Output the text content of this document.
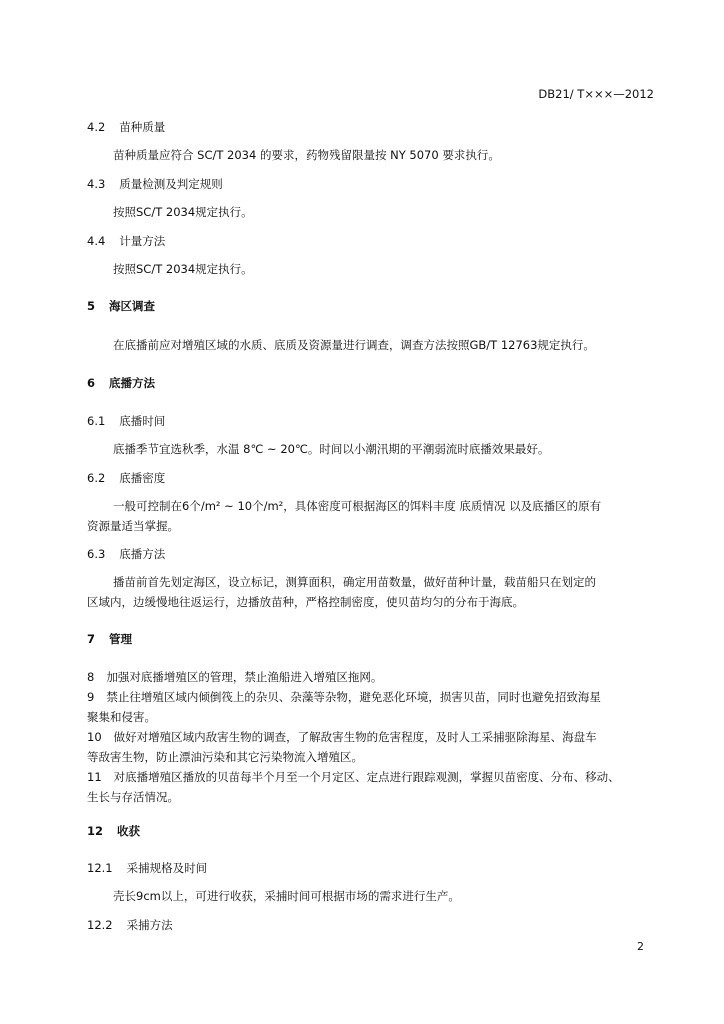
DB21/ T×××—2012
4.2 苗种质量
苗种质量应符合 SC/T 2034 的要求，药物残留限量按 NY 5070 要求执行。
4.3 质量检测及判定规则
按照SC/T 2034规定执行。
4.4 计量方法
按照SC/T 2034规定执行。
5 海区调查
在底播前应对增殖区域的水质、底质及资源量进行调查，调查方法按照GB/T 12763规定执行。
6 底播方法
6.1 底播时间
底播季节宜选秋季，水温 8℃ ~ 20℃。时间以小潮汛期的平潮弱流时底播效果最好。
6.2 底播密度
一般可控制在6个/m² ~ 10个/m²，具体密度可根据海区的饵料丰度 底质情况 以及底播区的原有
资源量适当掌握。
6.3 底播方法
播苗前首先划定海区，设立标记，测算面积，确定用苗数量，做好苗种计量，载苗船只在划定的
区域内，边缓慢地往返运行，边播放苗种，严格控制密度，使贝苗均匀的分布于海底。
7 管理
8 加强对底播增殖区的管理，禁止渔船进入增殖区拖网。
9 禁止往增殖区域内倾倒筏上的杂贝、杂藻等杂物，避免恶化环境，损害贝苗，同时也避免招致海星
聚集和侵害。
10 做好对增殖区域内敌害生物的调查，了解敌害生物的危害程度，及时人工采捕驱除海星、海盘车
等敌害生物，防止漂油污染和其它污染物流入增殖区。
11 对底播增殖区播放的贝苗每半个月至一个月定区、定点进行跟踪观测，掌握贝苗密度、分布、移动、
生长与存活情况。
12 收获
12.1 采捕规格及时间
壳长9cm以上，可进行收获，采捕时间可根据市场的需求进行生产。
12.2 采捕方法
2
